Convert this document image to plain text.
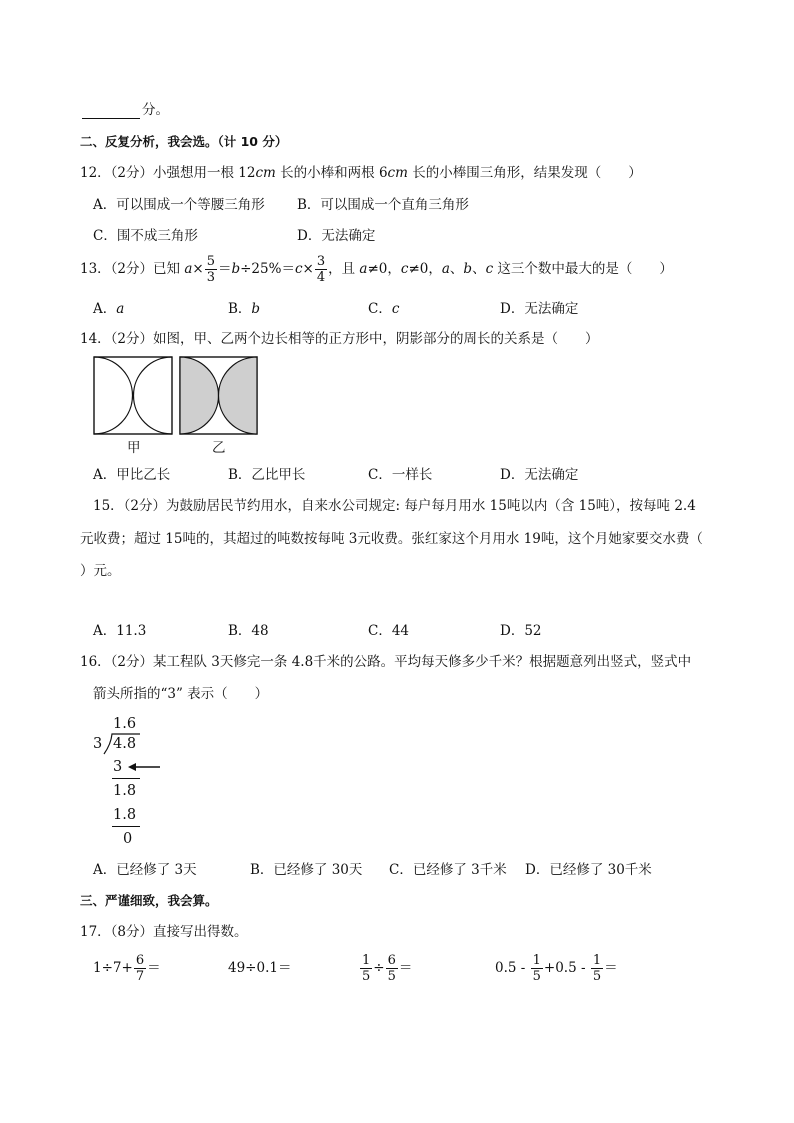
分。
二、反复分析，我会选。（计 10 分）
12．（2分）小强想用一根 12cm 长的小棒和两根 6cm 长的小棒围三角形，结果发现（　　）
A．可以围成一个等腰三角形 B．可以围成一个直角三角形
C．围不成三角形	D．无法确定
13．（2分）已知 $a\times \frac{5}{3} =b\div 25\%=c\times \frac{3}{4}$ ，且 a≠0，c≠0，a、b、c 这三个数中最大的是（　　）
A．a	B．b	C．c	D．无法确定
14．（2分）如图，甲、乙两个边长相等的正方形中，阴影部分的周长的关系是（　　）
甲	乙
A．甲比乙长	B．乙比甲长	C．一样长	D．无法确定
15．（2分）为鼓励居民节约用水，自来水公司规定: 每户每月用水 15吨以内（含 15吨），按每吨 2.4
元收费；超过 15吨的，其超过的吨数按每吨 3元收费。张红家这个月用水 19吨，这个月她家要交水费（
）元。
A．11.3	B．48	C．44	D．52
16．（2分）某工程队 3天修完一条 4.8千米的公路。平均每天修多少千米？根据题意列出竖式，竖式中
箭头所指的“3” 表示（　　）
1.6
3 4.8
3
1.8
1.8
0
A．已经修了 3天	B．已经修了 30天 C．已经修了 3千米 D．已经修了 30千米
三、严谨细致，我会算。
17．（8分）直接写出得数。
$1\div 7+ \frac{6}{7}$ ＝	49÷0.1＝	$\frac{1}{5} \div \frac{6}{5}$ ＝	$0.5 - \frac{1}{5} +0.5 - \frac{1}{5}$ ＝
